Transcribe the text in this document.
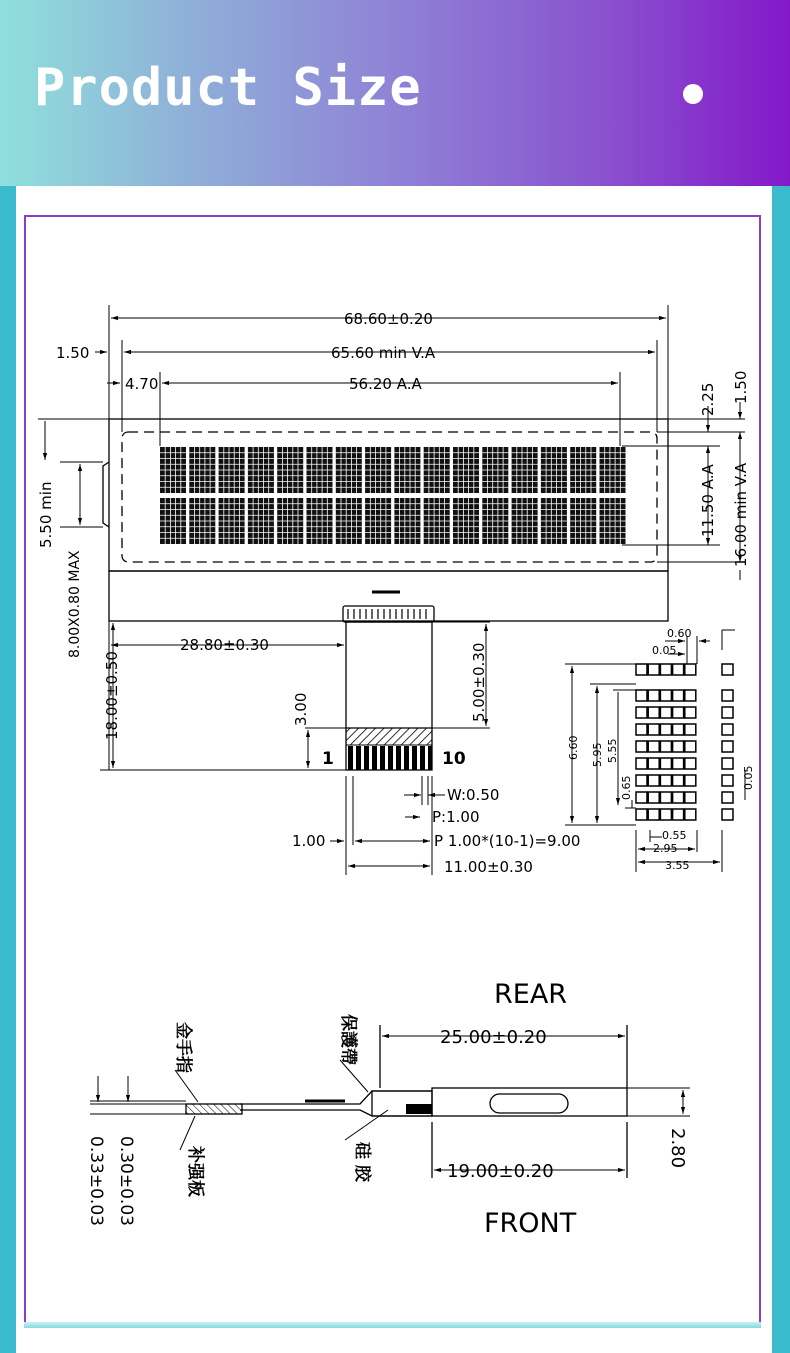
Product Size
68.60±0.20
1.50	65.60 min V.A
4.70	56.20 A.A	2.25 1.50
11.50 A.A 16.00 min V.A
5.50 min
8.00X0.80 MAX
18.00±0.50
28.80±0.30	5.00±0.30
3.00
1	10
W:0.50
P:1.00
P 1.00*(10-1)=9.00
1.00
11.00±0.30
0.60
0.05
6.60 5.95 5.55
0.65	0.05
0.55
2.95
3.55
REAR
FRONT
25.00±0.20
19.00±0.20
2.80
金手指	保護帶
补强板	硅 胶
0.30±0.03
0.33±0.03
